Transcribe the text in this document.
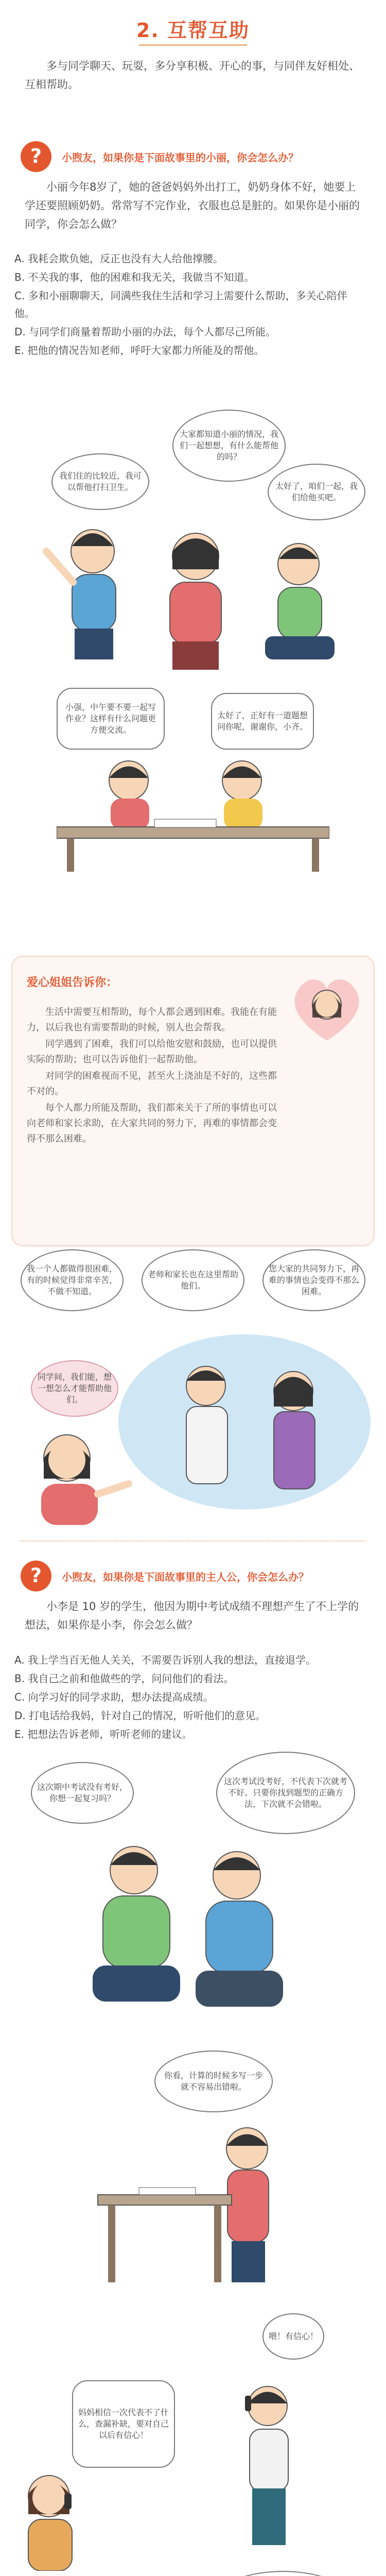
2. 互帮互助

多与同学聊天、玩耍，多分享积极、开心的事，与同伴友好相处、互相帮助。

? 小煦友，如果你是下面故事里的小丽，你会怎么办？

小丽今年8岁了，她的爸爸妈妈外出打工，奶奶身体不好，她要上学还要照顾奶奶。常常写不完作业，衣服也总是脏的。如果你是小丽的同学，你会怎么做？

A. 我耗会欺负她，反正也没有大人给他撑腰。
B. 不关我的事，他的困难和我无关，我做当不知道。
C. 多和小丽聊聊天，同满些我住生活和学习上需要什么帮助，多关心陪伴他。
D. 与同学们商量着帮助小丽的办法，每个人都尽己所能。
E. 把他的情况告知老师，呼吁大家都力所能及的帮他。
我们住的比较近，我可以帮他打扫卫生。
大家都知道小丽的情况，我们一起想想，有什么能帮他的吗？
太好了，咱们一起，我们给他买吧。
小强，中午要不要一起写作业？这样有什么问题更方便交流。
太好了，正好有一道题想问你呢，谢谢你，小齐。
爱心姐姐告诉你：

生活中需要互相帮助，每个人都会遇到困难。我能在有能力，以后我也有需要帮助的时候，别人也会帮我。

同学遇到了困难，我们可以给他安慰和鼓励，也可以提供实际的帮助；也可以告诉他们一起帮助他。

对同学的困难视而不见，甚至火上浇油是不好的，这些都不对的。

每个人都力所能及帮助，我们都来关于了所的事情也可以向老师和家长求助，在大家共同的努力下，再难的事情都会变得不那么困难。

我一个人都做得很困难，有的时候觉得非常辛苦，不做不知道。
老师和家长也在这里帮助他们。
您大家的共同努力下，再难的事情也会变得不那么困难。
同学间，我们能，想一想怎么才能帮助他们。
? 小煦友，如果你是下面故事里的主人公，你会怎么办？

小李是 10 岁的学生，他因为期中考试成绩不理想产生了不上学的想法，如果你是小李，你会怎么做？

A. 我上学当百无他人关关，不需要告诉别人我的想法，直接退学。
B. 我自己之前和他做些的学，问问他们的看法。
C. 向学习好的同学求助，想办法提高成绩。
D. 打电话给我妈，针对自己的情况，听听他们的意见。
E. 把想法告诉老师，听听老师的建议。
这次期中考试没有考好，你想一起复习吗？
这次考试没考好，不代表下次就考不好。只要你找到题型的正确方法，下次就不会错啦。
你看，计算的时候多写一步就不容易出错啦。
喂！有信心！
妈妈相信一次代表不了什么，查漏补缺，要对自己以后有信心！
